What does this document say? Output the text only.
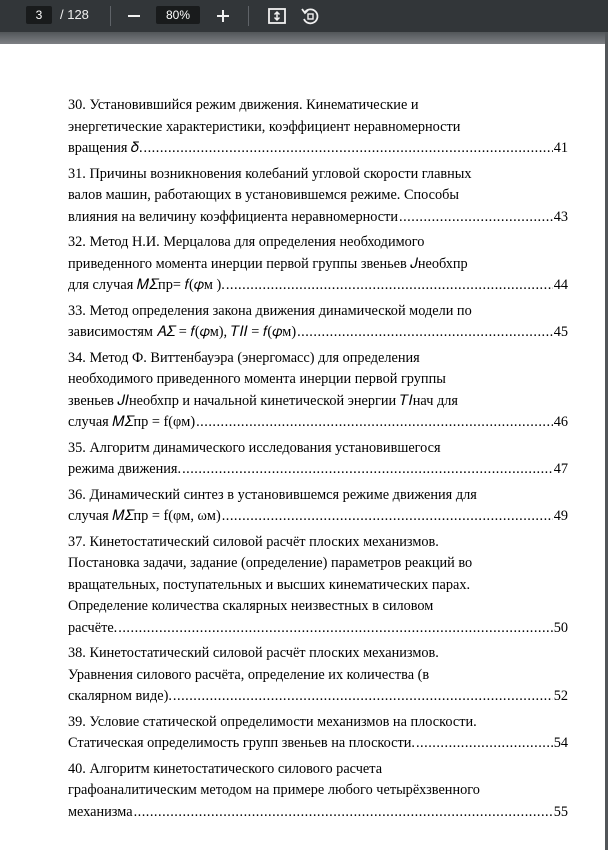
3	/ 128	80%
30. Установившийся режим движения. Кинематические и
энергетические характеристики, коэффициент неравномерности
вращения 𝛿. .....	41
31. Причины возникновения колебаний угловой скорости главных
валов машин, работающих в установившемся режиме. Способы
влияния на величину коэффициента неравномерности .....	43
32. Метод Н.И. Мерцалова для определения необходимого
приведенного момента инерции первой группы звеньев 𝐽необхпр
для случая 𝑀𝛴пр= 𝑓(𝜑м ). .....	44
33. Метод определения закона движения динамической модели по
зависимостям 𝐴𝛴 = 𝑓(𝜑м), 𝑇𝐼𝐼 = 𝑓(𝜑м) .....	45
34. Метод Ф. Виттенбауэра (энергомасс) для определения
необходимого приведенного момента инерции первой группы
звеньев 𝐽𝐼необхпр и начальной кинетической энергии 𝑇𝐼нач для
случая 𝑀𝛴пр = f(φм) .....	46
35. Алгоритм динамического исследования установившегося
режима движения. .....	47
36. Динамический синтез в установившемся режиме движения для
случая 𝑀𝛴пр = f(φм, ωм) .....	49
37. Кинетостатический силовой расчёт плоских механизмов.
Постановка задачи, задание (определение) параметров реакций во
вращательных, поступательных и высших кинематических парах.
Определение количества скалярных неизвестных в силовом
расчёте. .....	50
38. Кинетостатический силовой расчёт плоских механизмов.
Уравнения силового расчёта, определение их количества (в
скалярном виде). .....	52
39. Условие статической определимости механизмов на плоскости.
Статическая определимость групп звеньев на плоскости. .....	54
40. Алгоритм кинетостатического силового расчета
графоаналитическим методом на примере любого четырёхзвенного
механизма .....	55
